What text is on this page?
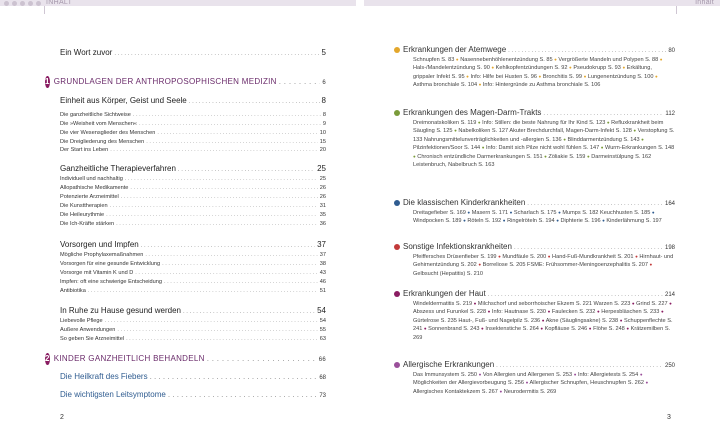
INHALT	Inhalt
Ein Wort zuvor . . .	5
1 GRUNDLAGEN DER ANTHROPOSOPHISCHEN MEDIZIN . . .	6
Einheit aus Körper, Geist und Seele . . .	8
Die ganzheitliche Sichtweise . . .	8
Die »Weisheit vom Menschen« . . .	9
Die vier Wesensglieder des Menschen . . .	10
Die Dreigliederung des Menschen . . .	15
Der Start ins Leben . . .	20
Ganzheitliche Therapieverfahren . . .	25
Individuell und nachhaltig . . .	25
Allopathische Medikamente . . .	26
Potenzierte Arzneimittel . . .	26
Die Kunsttherapien . . .	31
Die Heileurythmie . . .	35
Die Ich-Kräfte stärken . . .	36
Vorsorgen und Impfen . . .	37
Mögliche Prophylaxemaßnahmen . . .	37
Vorsorgen für eine gesunde Entwicklung . . .	38
Vorsorge mit Vitamin K und D . . .	43
Impfen: oft eine schwierige Entscheidung . . .	46
Antibiotika . . .	51
In Ruhe zu Hause gesund werden . . .	54
Liebevolle Pflege . . .	54
Äußere Anwendungen . . .	55
So geben Sie Arzneimittel . . .	63
2 KINDER GANZHEITLICH BEHANDELN . . .	66
Die Heilkraft des Fiebers . . .	68
Die wichtigsten Leitsymptome . . .	73
Erkrankungen der Atemwege . . .	80
Schnupfen S. 83 ● Nasennebenhöhlenentzündung S. 85 ● Vergrößerte Mandeln und Polypen S. 88 ● Hals-/Mandelentzündung S. 90 ● Kehlkopfentzündungen S. 92 ● Pseudokrupp S. 93 ● Erkältung, grippaler Infekt S. 95 ● Info: Hilfe bei Husten S. 96 ● Bronchitis S. 99 ● Lungenentzündung S. 100 ● Asthma bronchiale S. 104 ● Info: Hintergründe zu Asthma bronchiale S. 106
Erkrankungen des Magen-Darm-Trakts . . .	112
Dreimonatskoliken S. 119 ● Info: Stillen: die beste Nahrung für Ihr Kind S. 123 ● Refluxkrankheit beim Säugling S. 125 ● Nabelkoliken S. 127 Akuter Brechdurchfall, Magen-Darm-Infekt S. 128 ● Verstopfung S. 133 Nahrungsmittelunverträglichkeiten und -allergien S. 136 ● Blinddarmentzündung S. 143 ● Pilzinfektionen/Soor S. 144 ● Info: Damit sich Pilze nicht wohl fühlen S. 147 ● Wurm-Erkrankungen S. 148 ● Chronisch entzündliche Darmerkrankungen S. 151 ● Zöliakie S. 159 ● Darmeinstülpung S. 162 Leistenbruch, Nabelbruch S. 163
Die klassischen Kinderkrankheiten . . .	164
Dreitagefieber S. 169 ● Masern S. 171 ● Scharlach S. 175 ● Mumps S. 182 Keuchhusten S. 185 ● Windpocken S. 189 ● Röteln S. 192 ● Ringelröteln S. 194 ● Diphterie S. 196 ● Kinderlähmung S. 197
Sonstige Infektionskrankheiten . . .	198
Pfeiffersches Drüsenfieber S. 199 ● Mundfäule S. 200 ● Hand-Fuß-Mundkrankheit S. 201 ● Hirnhaut- und Gehirnentzündung S. 202 ● Borreliose S. 205 FSME: Frühsommer-Meningoenzephalitis S. 207 ● Gelbsucht (Hepatitis) S. 210
Erkrankungen der Haut . . .	214
Windeldermatitis S. 219 ● Milchschorf und seborrhoischer Ekzem S. 221 Warzen S. 223 ● Grind S. 227 ● Abszess und Furunkel S. 228 ● Info: Hautnase S. 230 ● Faulecken S. 232 ● Herpesbläschen S. 233 ● Gürtelrose S. 235 Haut-, Fuß- und Nagelpilz S. 236 ● Akne (Säuglingsakne) S. 238 ● Schuppenflechte S. 241 ● Sonnenbrand S. 243 ● Insektenstiche S. 264 ● Kopfläuse S. 246 ● Flöhe S. 248 ● Krätzemilben S. 269
Allergische Erkrankungen . . .	250
Das Immunsystem S. 250 ● Von Allergien und Allergenen S. 253 ● Info: Allergietests S. 254 ● Möglichkeiten der Allergievorbeugung S. 256 ● Allergischer Schnupfen, Heuschnupfen S. 262 ● Allergisches Kontaktekzem S. 267 ● Neurodermitis S. 269
2	3
